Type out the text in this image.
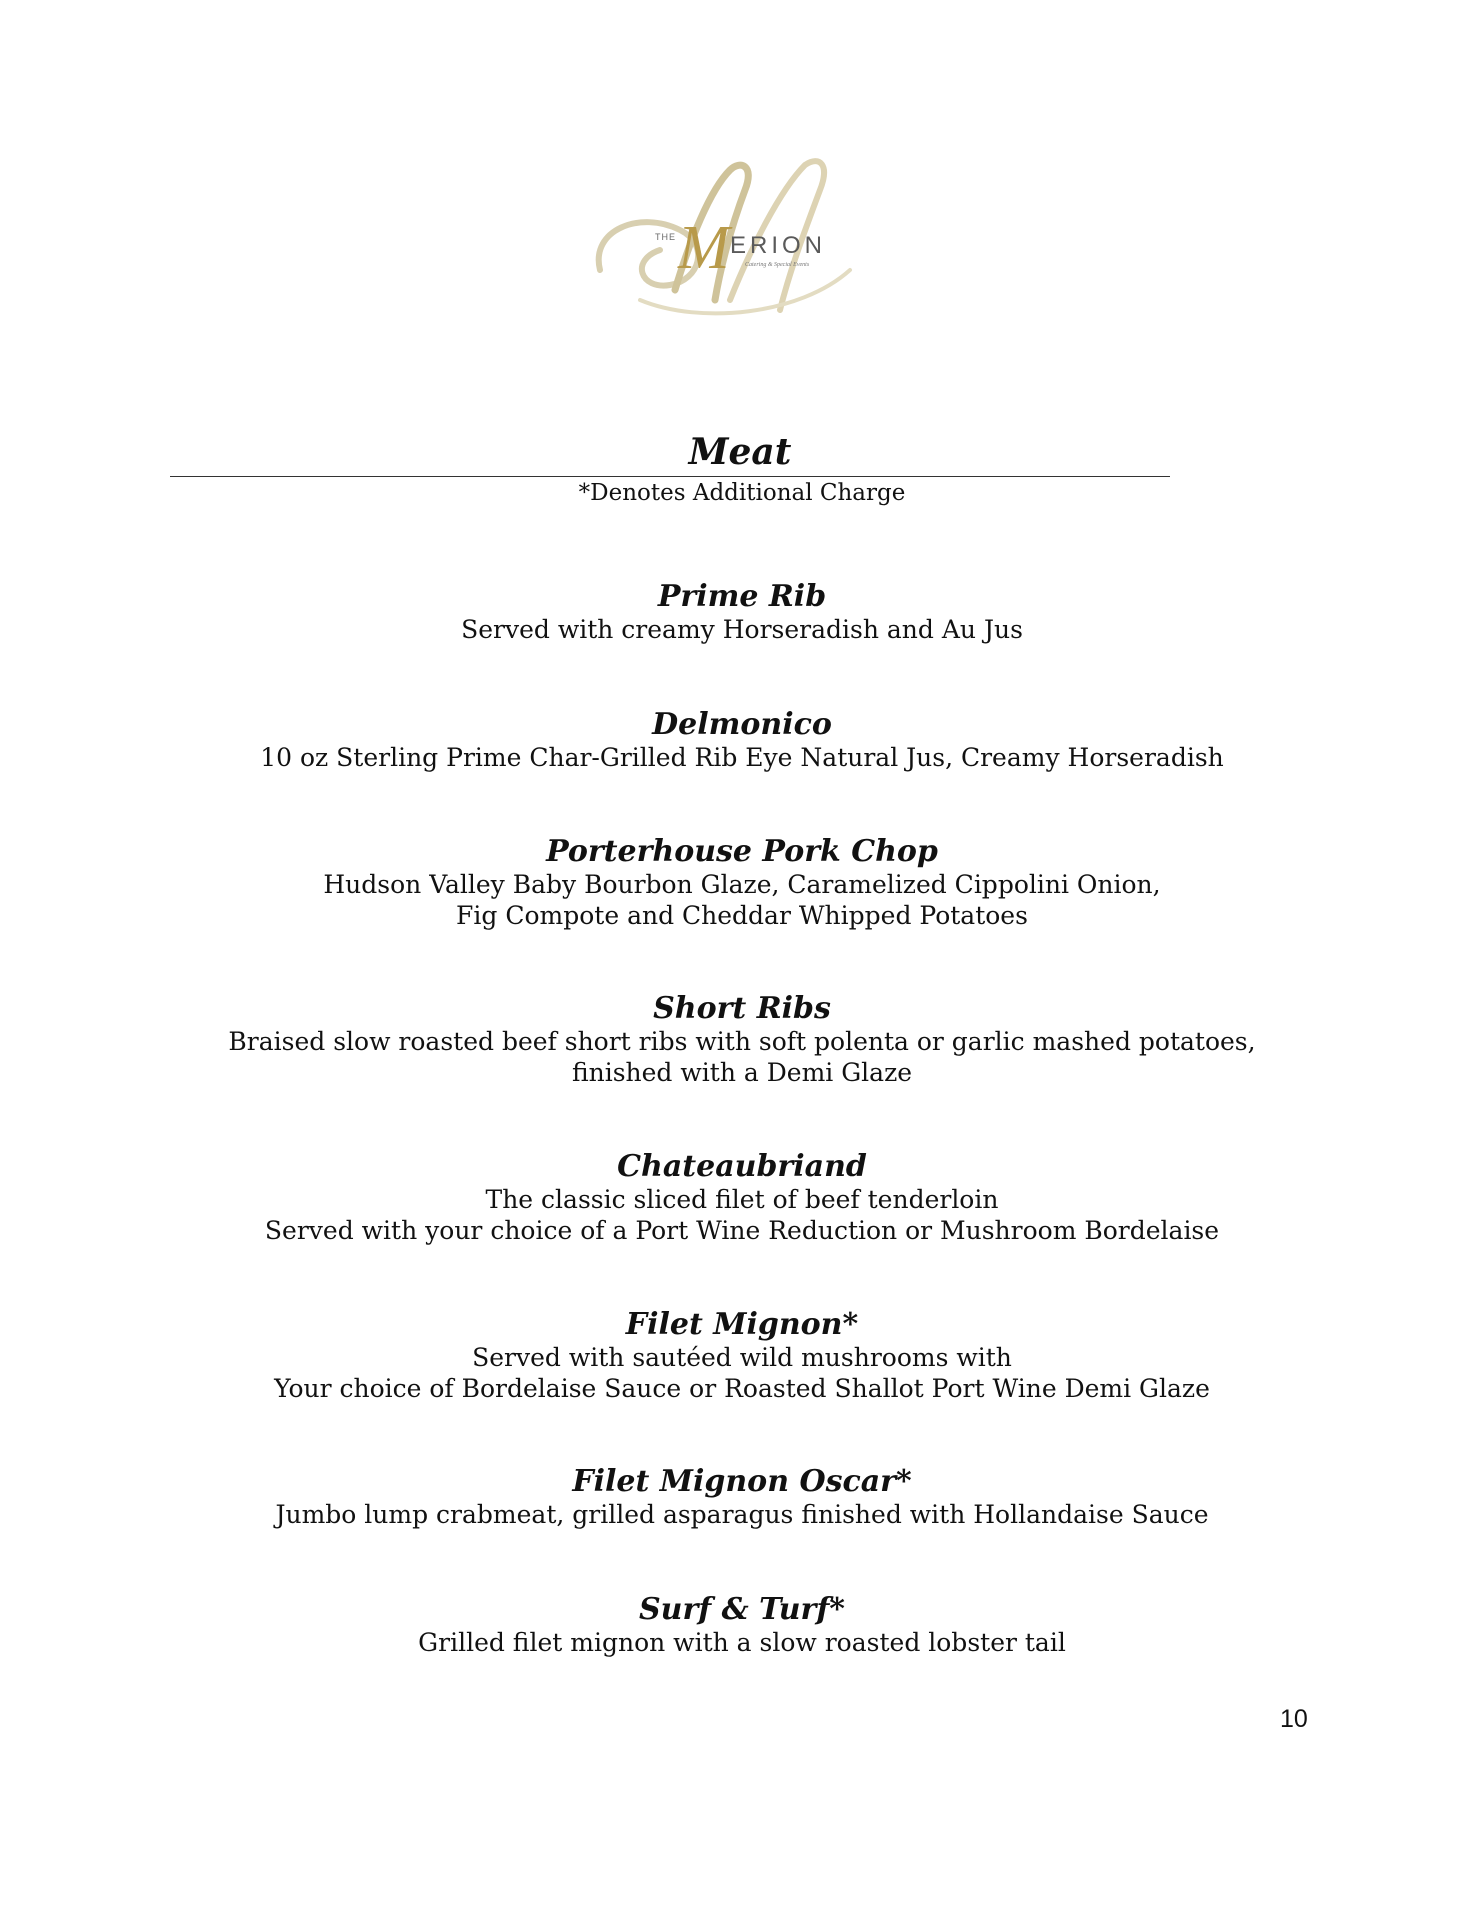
THE M ERION
Catering & Special Events
Meat
*Denotes Additional Charge
Prime Rib
Served with creamy Horseradish and Au Jus
Delmonico
10 oz Sterling Prime Char-Grilled Rib Eye Natural Jus, Creamy Horseradish
Porterhouse Pork Chop
Hudson Valley Baby Bourbon Glaze, Caramelized Cippolini Onion,
Fig Compote and Cheddar Whipped Potatoes
Short Ribs
Braised slow roasted beef short ribs with soft polenta or garlic mashed potatoes,
finished with a Demi Glaze
Chateaubriand
The classic sliced filet of beef tenderloin
Served with your choice of a Port Wine Reduction or Mushroom Bordelaise
Filet Mignon*
Served with sautéed wild mushrooms with
Your choice of Bordelaise Sauce or Roasted Shallot Port Wine Demi Glaze
Filet Mignon Oscar*
Jumbo lump crabmeat, grilled asparagus finished with Hollandaise Sauce
Surf & Turf*
Grilled filet mignon with a slow roasted lobster tail
10
